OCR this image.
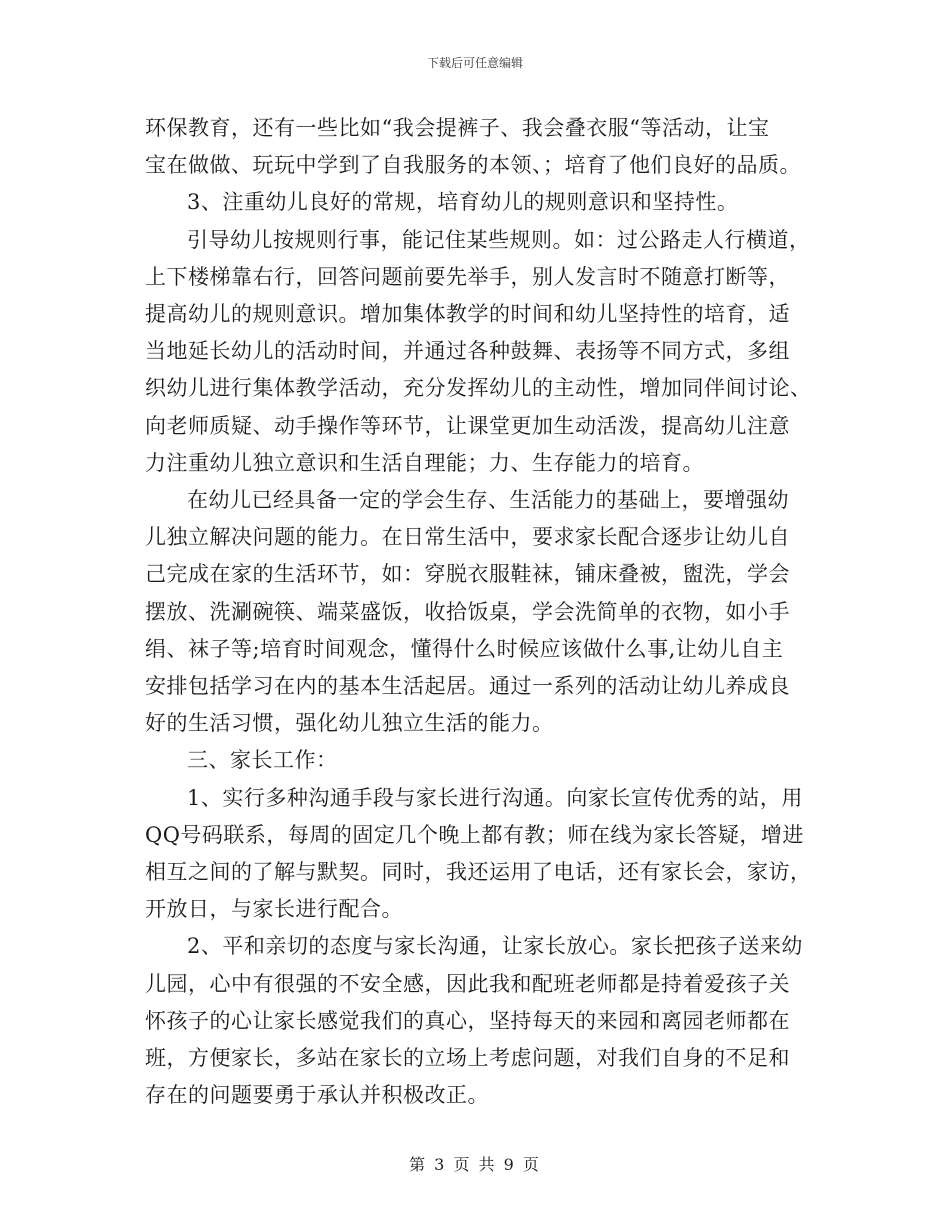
下载后可任意编辑
环保教育，还有一些比如“我会提裤子、我会叠衣服“等活动，让宝
宝在做做、玩玩中学到了自我服务的本领、；培育了他们良好的品质。
3、注重幼儿良好的常规，培育幼儿的规则意识和坚持性。
引导幼儿按规则行事，能记住某些规则。如：过公路走人行横道，
上下楼梯靠右行，回答问题前要先举手，别人发言时不随意打断等，
提高幼儿的规则意识。增加集体教学的时间和幼儿坚持性的培育，适
当地延长幼儿的活动时间，并通过各种鼓舞、表扬等不同方式，多组
织幼儿进行集体教学活动，充分发挥幼儿的主动性，增加同伴间讨论、
向老师质疑、动手操作等环节，让课堂更加生动活泼，提高幼儿注意
力注重幼儿独立意识和生活自理能；力、生存能力的培育。
在幼儿已经具备一定的学会生存、生活能力的基础上，要增强幼
儿独立解决问题的能力。在日常生活中，要求家长配合逐步让幼儿自
己完成在家的生活环节，如：穿脱衣服鞋袜，铺床叠被，盥洗，学会
摆放、洗涮碗筷、端菜盛饭，收拾饭桌，学会洗简单的衣物，如小手
绢、袜子等;培育时间观念，懂得什么时候应该做什么事,让幼儿自主
安排包括学习在内的基本生活起居。通过一系列的活动让幼儿养成良
好的生活习惯，强化幼儿独立生活的能力。
三、家长工作：
1、实行多种沟通手段与家长进行沟通。向家长宣传优秀的站，用
QQ号码联系，每周的固定几个晚上都有教；师在线为家长答疑，增进
相互之间的了解与默契。同时，我还运用了电话，还有家长会，家访，
开放日，与家长进行配合。
2、平和亲切的态度与家长沟通，让家长放心。家长把孩子送来幼
儿园，心中有很强的不安全感，因此我和配班老师都是持着爱孩子关
怀孩子的心让家长感觉我们的真心，坚持每天的来园和离园老师都在
班，方便家长，多站在家长的立场上考虑问题，对我们自身的不足和
存在的问题要勇于承认并积极改正。
第 3 页 共 9 页
